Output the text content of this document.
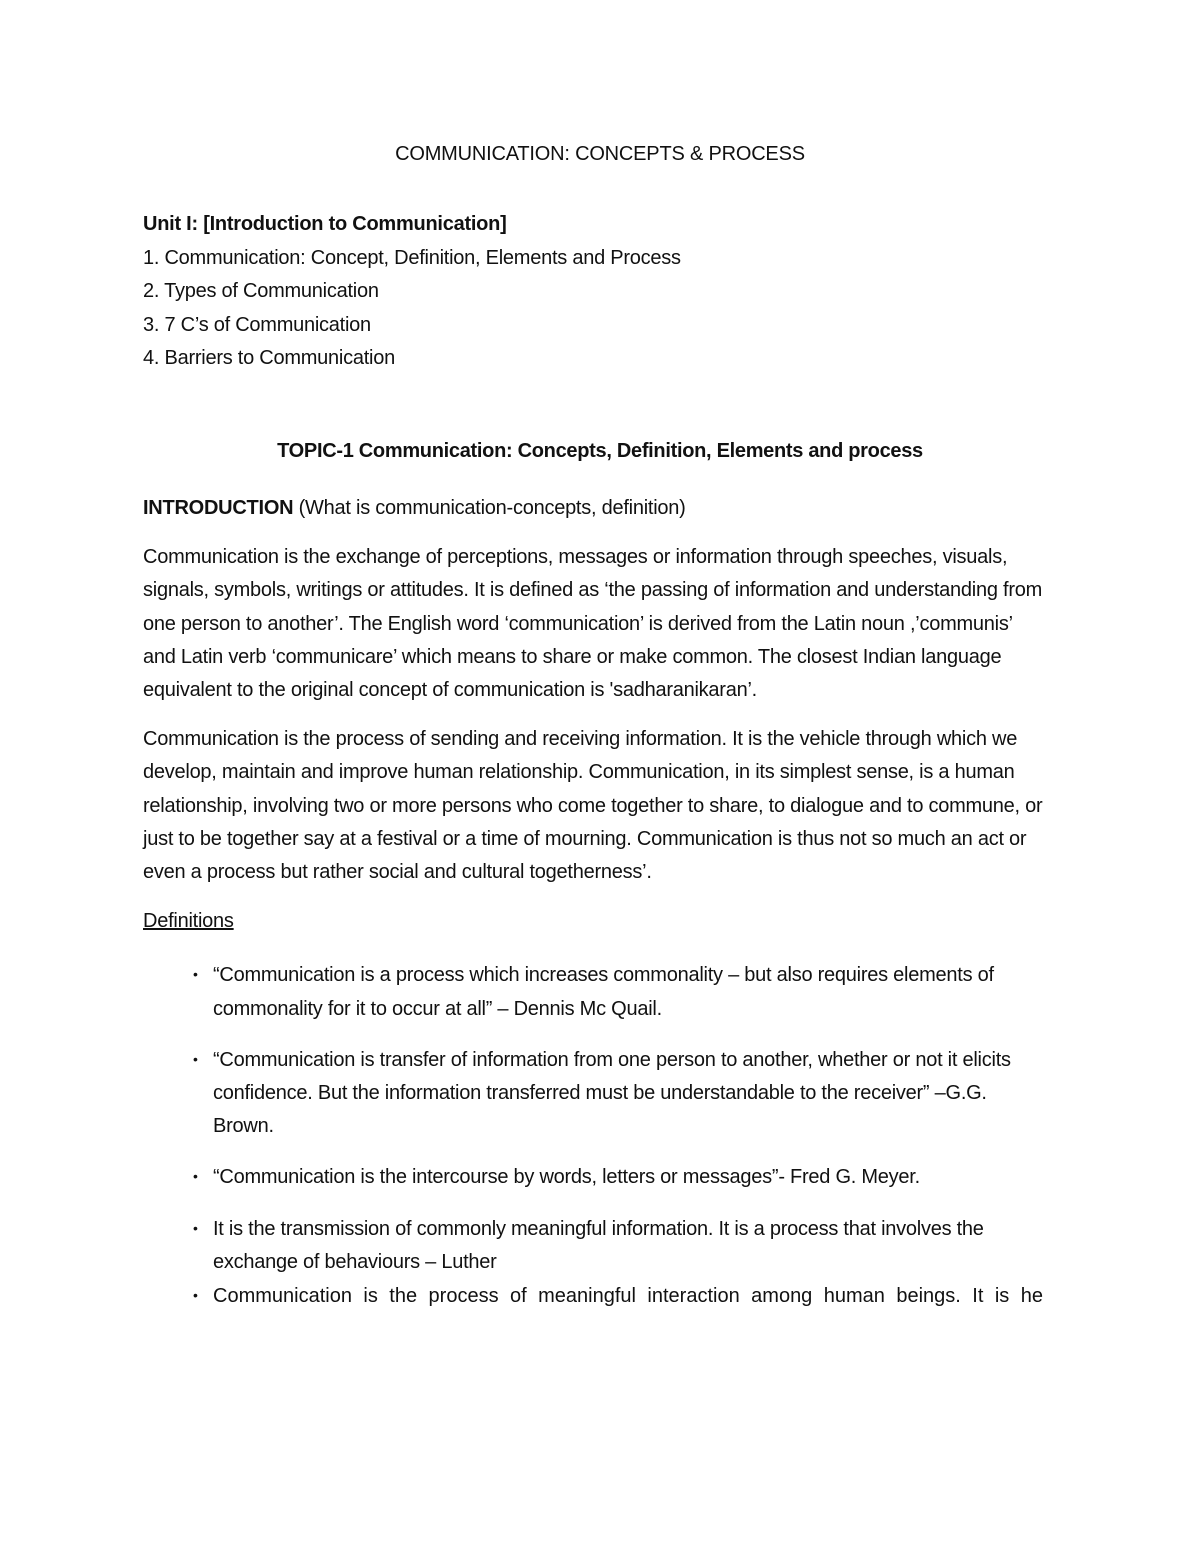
COMMUNICATION: CONCEPTS & PROCESS

Unit I: [Introduction to Communication]

1. Communication: Concept, Definition, Elements and Process
2. Types of Communication
3. 7 C’s of Communication
4. Barriers to Communication
TOPIC-1 Communication: Concepts, Definition, Elements and process

INTRODUCTION (What is communication-concepts, definition)

Communication is the exchange of perceptions, messages or information through speeches, visuals, signals, symbols, writings or attitudes. It is defined as ‘the passing of information and understanding from one person to another’. The English word ‘communication’ is derived from the Latin noun ,’communis’ and Latin verb ‘communicare’ which means to share or make common. The closest Indian language equivalent to the original concept of communication is 'sadharanikaran’.

Communication is the process of sending and receiving information. It is the vehicle through which we develop, maintain and improve human relationship. Communication, in its simplest sense, is a human relationship, involving two or more persons who come together to share, to dialogue and to commune, or just to be together say at a festival or a time of mourning. Communication is thus not so much an act or even a process but rather social and cultural togetherness’.

Definitions

• “Communication is a process which increases commonality – but also requires elements of commonality for it to occur at all” – Dennis Mc Quail.
• “Communication is transfer of information from one person to another, whether or not it elicits confidence. But the information transferred must be understandable to the receiver” –G.G. Brown.
• “Communication is the intercourse by words, letters or messages”- Fred G. Meyer.
• It is the transmission of commonly meaningful information. It is a process that involves the exchange of behaviours – Luther
• Communication is the process of meaningful interaction among human beings. It is he
